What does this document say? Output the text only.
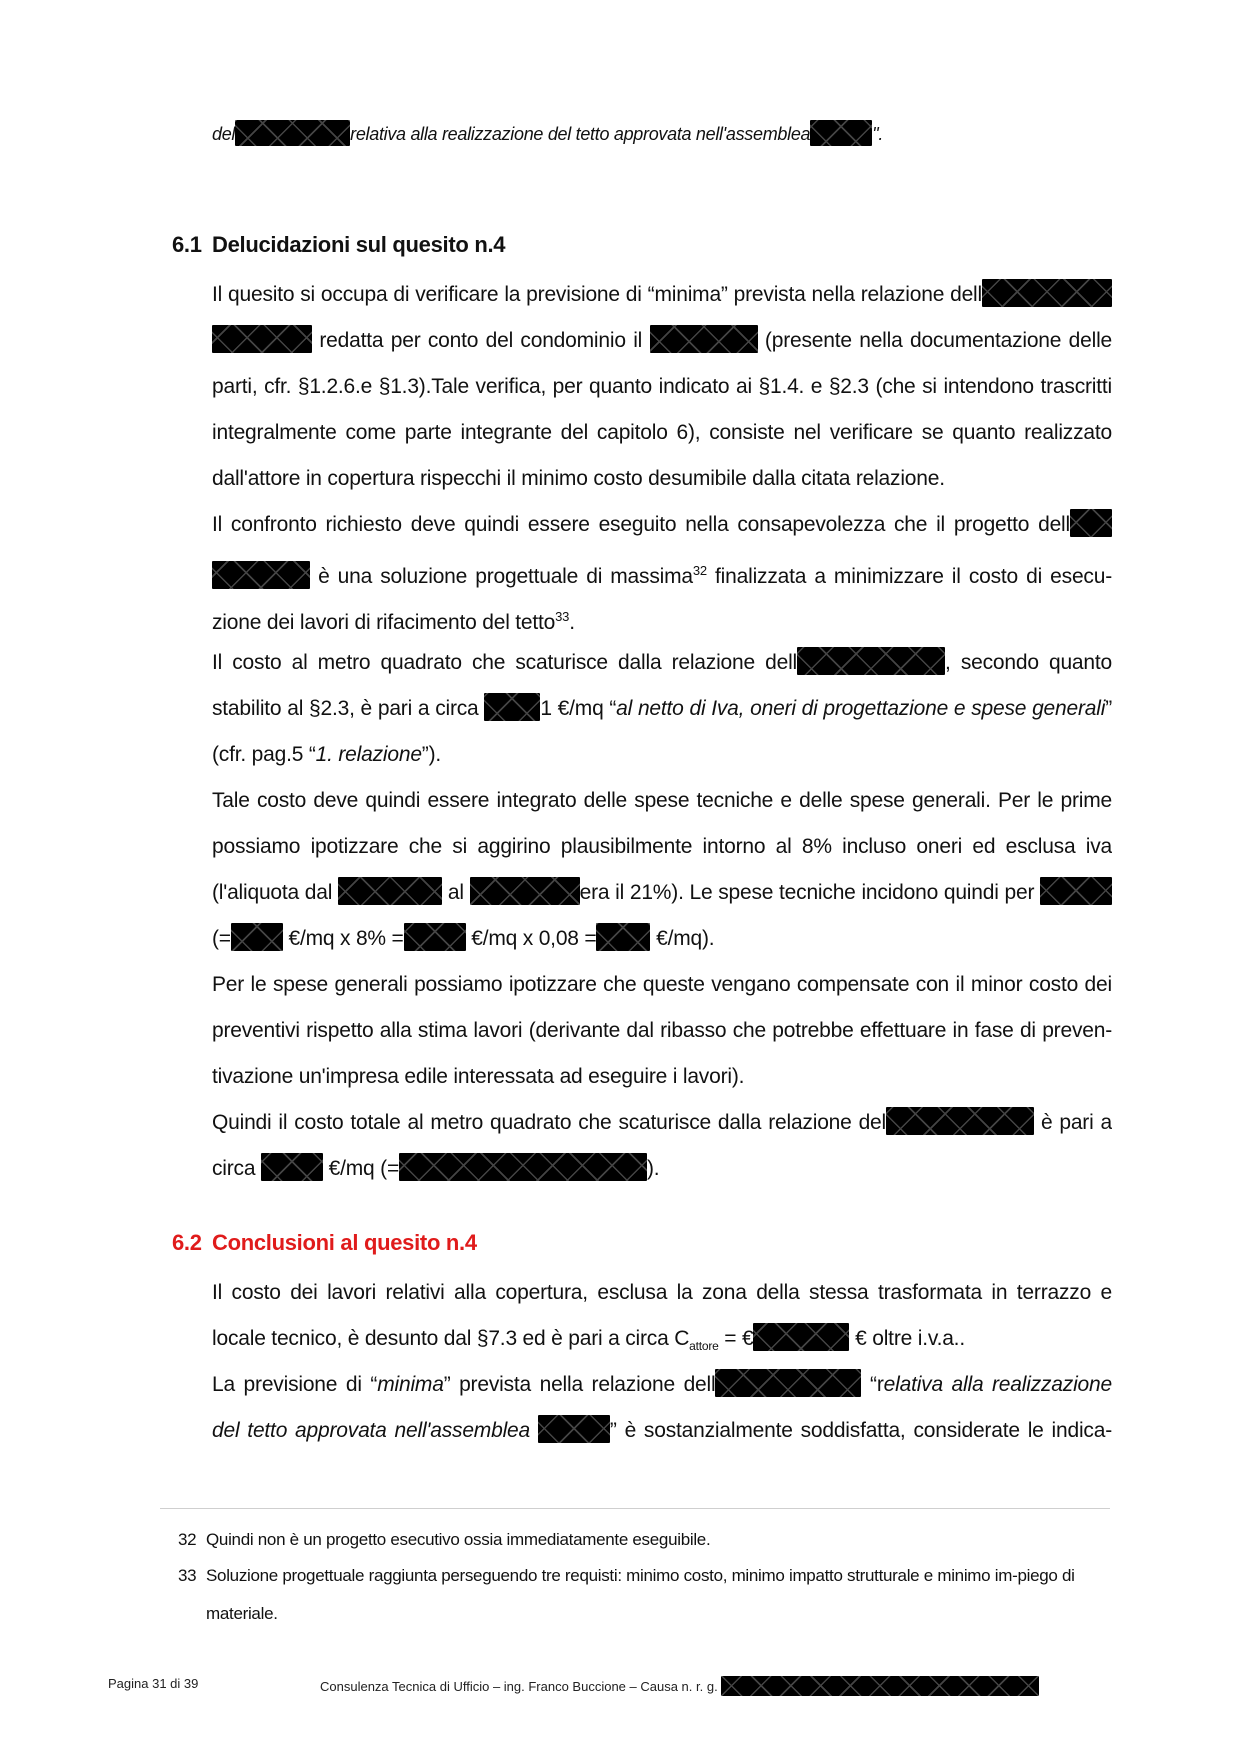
del	relativa alla realizzazione del tetto approvata nell'assemblea	".
6.1 Delucidazioni sul quesito n.4
Il quesito si occupa di verificare la previsione di “minima” prevista nella relazione dell
redatta per conto del condominio il	(presente nella documentazione delle
parti, cfr. §1.2.6.e §1.3).Tale verifica, per quanto indicato ai §1.4. e §2.3 (che si intendono trascritti
integralmente come parte integrante del capitolo 6), consiste nel verificare se quanto realizzato
dall'attore in copertura rispecchi il minimo costo desumibile dalla citata relazione.
Il confronto richiesto deve quindi essere eseguito nella consapevolezza che il progetto dell
è una soluzione progettuale di massima$^{32}$ finalizzata a minimizzare il costo di esecu-
zione dei lavori di rifacimento del tetto$^{33}$.
Il costo al metro quadrato che scaturisce dalla relazione dell	, secondo quanto
stabilito al §2.3, è pari a circa	1 €/mq “al netto di Iva, oneri di progettazione e spese generali”
(cfr. pag.5 “1. relazione”).
Tale costo deve quindi essere integrato delle spese tecniche e delle spese generali. Per le prime
possiamo ipotizzare che si aggirino plausibilmente intorno al 8% incluso oneri ed esclusa iva
(l'aliquota dal	al	era il 21%). Le spese tecniche incidono quindi per
(=	€/mq x 8% =	€/mq x 0,08 =	€/mq).
Per le spese generali possiamo ipotizzare che queste vengano compensate con il minor costo dei
preventivi rispetto alla stima lavori (derivante dal ribasso che potrebbe effettuare in fase di preven-
tivazione un'impresa edile interessata ad eseguire i lavori).
Quindi il costo totale al metro quadrato che scaturisce dalla relazione del	è pari a
circa	€/mq (=	).
6.2 Conclusioni al quesito n.4
Il costo dei lavori relativi alla copertura, esclusa la zona della stessa trasformata in terrazzo e
locale tecnico, è desunto dal §7.3 ed è pari a circa $C_{attore}$ = €	€ oltre i.v.a..
La previsione di “minima” prevista nella relazione dell	“relativa alla realizzazione
del tetto approvata nell'assemblea	” è sostanzialmente soddisfatta, considerate le indica-
32 Quindi non è un progetto esecutivo ossia immediatamente eseguibile.
33 Soluzione progettuale raggiunta perseguendo tre requisti: minimo costo, minimo impatto strutturale e minimo im-piego di materiale.
Pagina 31 di 39	Consulenza Tecnica di Ufficio – ing. Franco Buccione – Causa n. r. g.
